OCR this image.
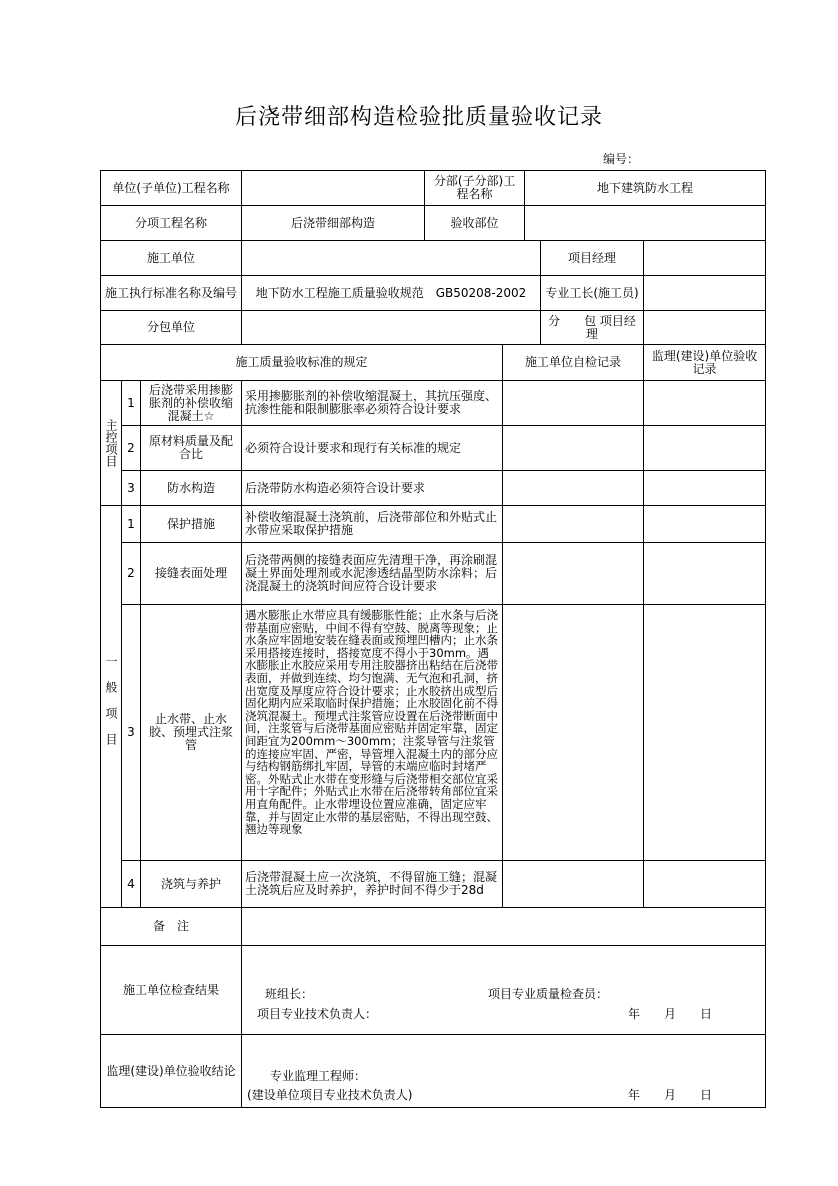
后浇带细部构造检验批质量验收记录
编号：
单位(子单位)工程名称				分部(子分部)工程名称		地下建筑防水工程		
分项工程名称			后浇带细部构造	验收部位				
施工单位							项目经理	
施工执行标准名称及编号			地下防水工程施工质量验收规范　GB50208-2002				专业工长(施工员)	
分包单位							分　　包 项目经理	
施工质量验收标准的规定					施工单位自检记录			监理(建设)单位验收记录

主控项目	1	后浇带采用掺膨胀剂的补偿收缩混凝土☆	采用掺膨胀剂的补偿收缩混凝土，其抗压强度、抗渗性能和限制膨胀率必须符合设计要求					
	2	原材料质量及配合比	必须符合设计要求和现行有关标准的规定					
	3	防水构造	后浇带防水构造必须符合设计要求					

一般项目	1	保护措施	补偿收缩混凝土浇筑前，后浇带部位和外贴式止水带应采取保护措施					
	2	接缝表面处理	后浇带两侧的接缝表面应先清理干净，再涂刷混凝土界面处理剂或水泥渗透结晶型防水涂料；后浇混凝土的浇筑时间应符合设计要求					
	3	止水带、止水胶、预埋式注浆管	遇水膨胀止水带应具有缓膨胀性能；止水条与后浇带基面应密贴，中间不得有空鼓、脱离等现象；止水条应牢固地安装在缝表面或预埋凹槽内；止水条采用搭接连接时，搭接宽度不得小于30mm。遇水膨胀止水胶应采用专用注胶器挤出粘结在后浇带表面，并做到连续、均匀饱满、无气泡和孔洞，挤出宽度及厚度应符合设计要求；止水胶挤出成型后固化期内应采取临时保护措施；止水胶固化前不得浇筑混凝土。预埋式注浆管应设置在后浇带断面中间，注浆管与后浇带基面应密贴并固定牢靠，固定间距宜为200mm～300mm；注浆导管与注浆管的连接应牢固、严密，导管埋入混凝土内的部分应与结构钢筋绑扎牢固，导管的末端应临时封堵严密。外贴式止水带在变形缝与后浇带相交部位宜采用十字配件；外贴式止水带在后浇带转角部位宜采用直角配件。止水带埋设位置应准确，固定应牢靠，并与固定止水带的基层密贴，不得出现空鼓、翘边等现象					
	4	浇筑与养护	后浇带混凝土应一次浇筑，不得留施工缝；混凝土浇筑后应及时养护，养护时间不得少于28d					
备　注								
施工单位检查结果			班组长： 项目专业质量检查员：
项目专业技术负责人： 年　　月　　日					

监理(建设)单位验收结论			专业监理工程师：
(建设单位项目专业技术负责人) 年　　月　　日					
